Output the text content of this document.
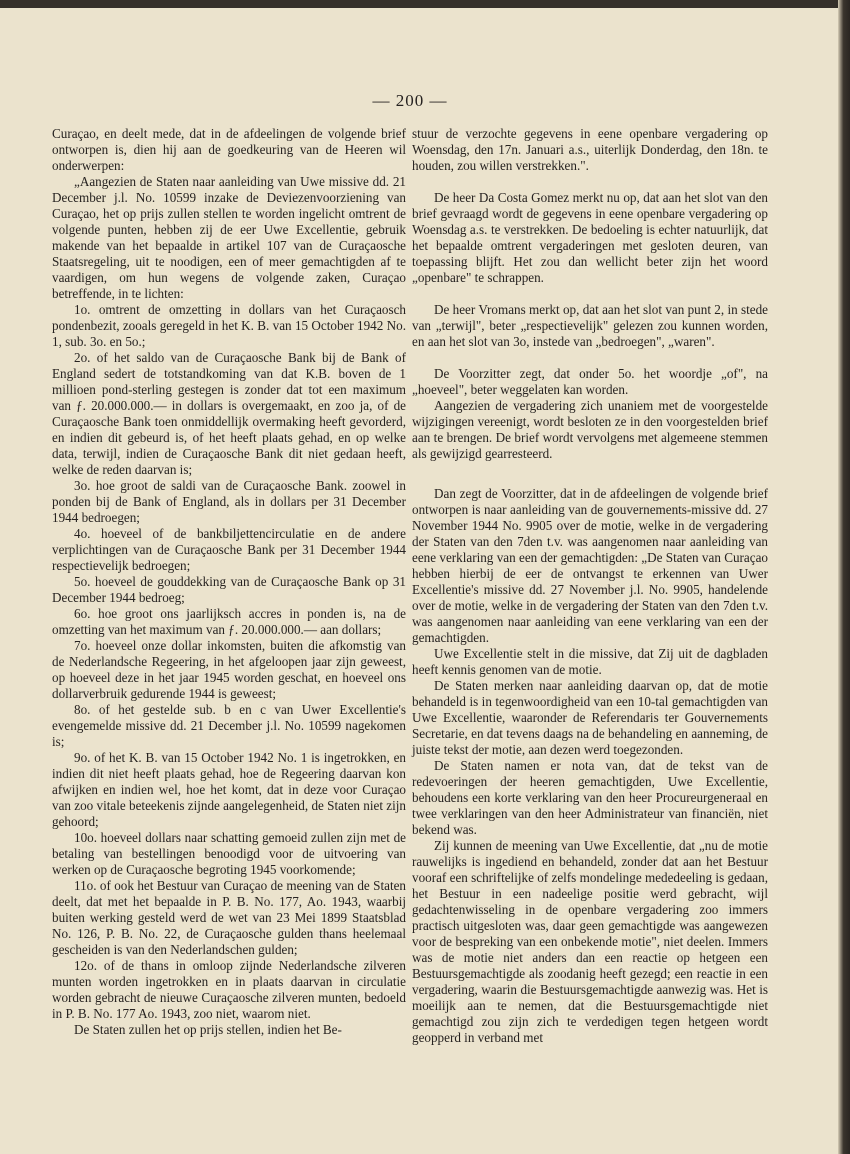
— 200 —

Curaçao, en deelt mede, dat in de afdeelingen de volgende brief ontworpen is, dien hij aan de goedkeuring van de Heeren wil onderwerpen:

„Aangezien de Staten naar aanleiding van Uwe missive dd. 21 December j.l. No. 10599 inzake de Deviezenvoorziening van Curaçao, het op prijs zullen stellen te worden ingelicht omtrent de volgende punten, hebben zij de eer Uwe Excellentie, gebruik makende van het bepaalde in artikel 107 van de Curaçaosche Staatsregeling, uit te noodigen, een of meer gemachtigden af te vaardigen, om hun wegens de volgende zaken, Curaçao betreffende, in te lichten:

1o. omtrent de omzetting in dollars van het Curaçaosch pondenbezit, zooals geregeld in het K. B. van 15 October 1942 No. 1, sub. 3o. en 5o.;

2o. of het saldo van de Curaçaosche Bank bij de Bank of England sedert de totstandkoming van dat K.B. boven de 1 millioen pond-sterling gestegen is zonder dat tot een maximum van ƒ. 20.000.000.— in dollars is overgemaakt, en zoo ja, of de Curaçaosche Bank toen onmiddellijk overmaking heeft gevorderd, en indien dit gebeurd is, of het heeft plaats gehad, en op welke data, terwijl, indien de Curaçaosche Bank dit niet gedaan heeft, welke de reden daarvan is;

3o. hoe groot de saldi van de Curaçaosche Bank. zoowel in ponden bij de Bank of England, als in dollars per 31 December 1944 bedroegen;

4o. hoeveel of de bankbiljettencirculatie en de andere verplichtingen van de Curaçaosche Bank per 31 December 1944 respectievelijk bedroegen;

5o. hoeveel de gouddekking van de Curaçaosche Bank op 31 December 1944 bedroeg;

6o. hoe groot ons jaarlijksch accres in ponden is, na de omzetting van het maximum van ƒ. 20.000.000.— aan dollars;

7o. hoeveel onze dollar inkomsten, buiten die afkomstig van de Nederlandsche Regeering, in het afgeloopen jaar zijn geweest, op hoeveel deze in het jaar 1945 worden geschat, en hoeveel ons dollarverbruik gedurende 1944 is geweest;

8o. of het gestelde sub. b en c van Uwer Excellentie's evengemelde missive dd. 21 December j.l. No. 10599 nagekomen is;

9o. of het K. B. van 15 October 1942 No. 1 is ingetrokken, en indien dit niet heeft plaats gehad, hoe de Regeering daarvan kon afwijken en indien wel, hoe het komt, dat in deze voor Curaçao van zoo vitale beteekenis zijnde aangelegenheid, de Staten niet zijn gehoord;

10o. hoeveel dollars naar schatting gemoeid zullen zijn met de betaling van bestellingen benoodigd voor de uitvoering van werken op de Curaçaosche begroting 1945 voorkomende;

11o. of ook het Bestuur van Curaçao de meening van de Staten deelt, dat met het bepaalde in P. B. No. 177, Ao. 1943, waarbij buiten werking gesteld werd de wet van 23 Mei 1899 Staatsblad No. 126, P. B. No. 22, de Curaçaosche gulden thans heelemaal gescheiden is van den Nederlandschen gulden;

12o. of de thans in omloop zijnde Nederlandsche zilveren munten worden ingetrokken en in plaats daarvan in circulatie worden gebracht de nieuwe Curaçaosche zilveren munten, bedoeld in P. B. No. 177 Ao. 1943, zoo niet, waarom niet.

De Staten zullen het op prijs stellen, indien het Be-

stuur de verzochte gegevens in eene openbare vergadering op Woensdag, den 17n. Januari a.s., uiterlijk Donderdag, den 18n. te houden, zou willen verstrekken.".

De heer Da Costa Gomez merkt nu op, dat aan het slot van den brief gevraagd wordt de gegevens in eene openbare vergadering op Woensdag a.s. te verstrekken. De bedoeling is echter natuurlijk, dat het bepaalde omtrent vergaderingen met gesloten deuren, van toepassing blijft. Het zou dan wellicht beter zijn het woord „openbare" te schrappen.

De heer Vromans merkt op, dat aan het slot van punt 2, in stede van „terwijl", beter „respectievelijk" gelezen zou kunnen worden, en aan het slot van 3o, instede van „bedroegen", „waren".

De Voorzitter zegt, dat onder 5o. het woordje „of", na „hoeveel", beter weggelaten kan worden.

Aangezien de vergadering zich unaniem met de voorgestelde wijzigingen vereenigt, wordt besloten ze in den voorgestelden brief aan te brengen. De brief wordt vervolgens met algemeene stemmen als gewijzigd gearresteerd.

Dan zegt de Voorzitter, dat in de afdeelingen de volgende brief ontworpen is naar aanleiding van de gouvernements-missive dd. 27 November 1944 No. 9905 over de motie, welke in de vergadering der Staten van den 7den t.v. was aangenomen naar aanleiding van eene verklaring van een der gemachtigden: „De Staten van Curaçao hebben hierbij de eer de ontvangst te erkennen van Uwer Excellentie's missive dd. 27 November j.l. No. 9905, handelende over de motie, welke in de vergadering der Staten van den 7den t.v. was aangenomen naar aanleiding van eene verklaring van een der gemachtigden.

Uwe Excellentie stelt in die missive, dat Zij uit de dagbladen heeft kennis genomen van de motie.

De Staten merken naar aanleiding daarvan op, dat de motie behandeld is in tegenwoordigheid van een 10-tal gemachtigden van Uwe Excellentie, waaronder de Referendaris ter Gouvernements Secretarie, en dat tevens daags na de behandeling en aanneming, de juiste tekst der motie, aan dezen werd toegezonden.

De Staten namen er nota van, dat de tekst van de redevoeringen der heeren gemachtigden, Uwe Excellentie, behoudens een korte verklaring van den heer Procureurgeneraal en twee verklaringen van den heer Administrateur van financiën, niet bekend was.

Zij kunnen de meening van Uwe Excellentie, dat „nu de motie rauwelijks is ingediend en behandeld, zonder dat aan het Bestuur vooraf een schriftelijke of zelfs mondelinge mededeeling is gedaan, het Bestuur in een nadeelige positie werd gebracht, wijl gedachtenwisseling in de openbare vergadering zoo immers practisch uitgesloten was, daar geen gemachtigde was aangewezen voor de bespreking van een onbekende motie", niet deelen. Immers was de motie niet anders dan een reactie op hetgeen een Bestuursgemachtigde als zoodanig heeft gezegd; een reactie in een vergadering, waarin die Bestuursgemachtigde aanwezig was. Het is moeilijk aan te nemen, dat die Bestuursgemachtigde niet gemachtigd zou zijn zich te verdedigen tegen hetgeen wordt geopperd in verband met
